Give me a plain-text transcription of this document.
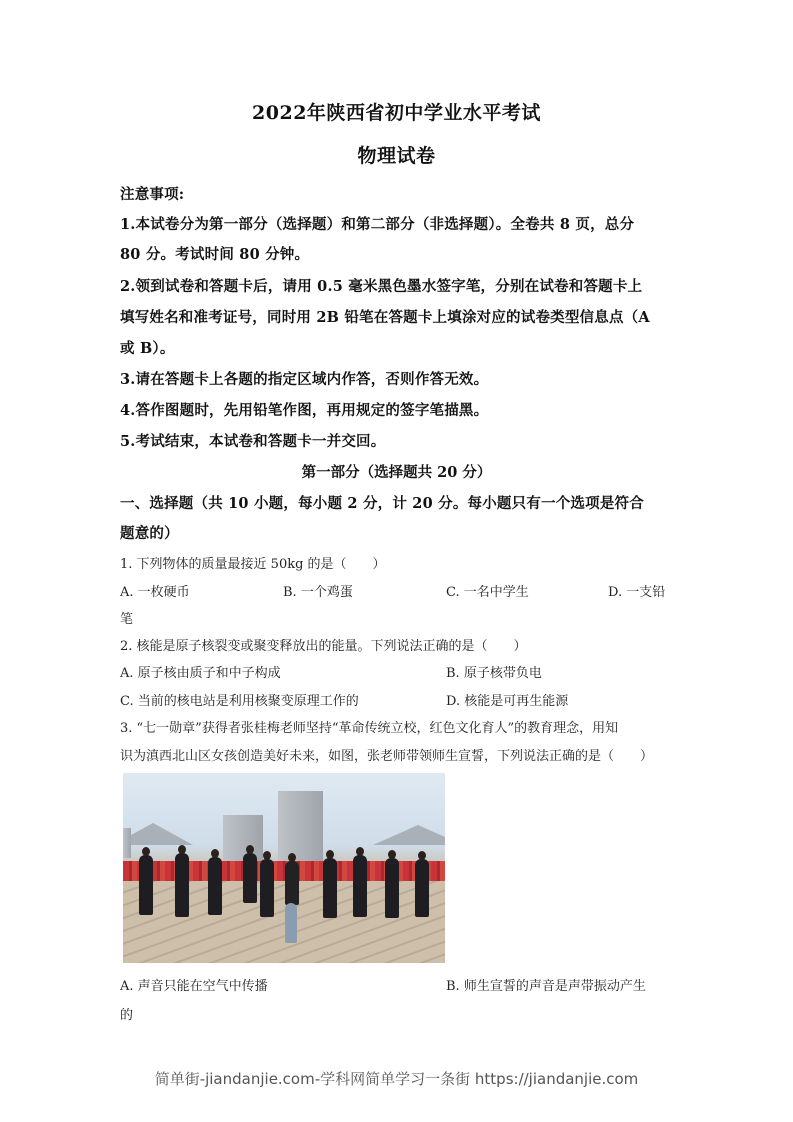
2022年陕西省初中学业水平考试
物理试卷
注意事项:
1.本试卷分为第一部分（选择题）和第二部分（非选择题）。全卷共 8 页，总分
80 分。考试时间 80 分钟。
2.领到试卷和答题卡后，请用 0.5 毫米黑色墨水签字笔，分别在试卷和答题卡上
填写姓名和准考证号，同时用 2B 铅笔在答题卡上填涂对应的试卷类型信息点（A
或 B）。
3.请在答题卡上各题的指定区域内作答，否则作答无效。
4.答作图题时，先用铅笔作图，再用规定的签字笔描黑。
5.考试结束，本试卷和答题卡一并交回。
第一部分（选择题共 20 分）
一、选择题（共 10 小题，每小题 2 分，计 20 分。每小题只有一个选项是符合
题意的）
1. 下列物体的质量最接近 50kg 的是（　　）
A. 一枚硬币	B. 一个鸡蛋	C. 一名中学生	D. 一支铅
笔
2. 核能是原子核裂变或聚变释放出的能量。下列说法正确的是（　　）
A. 原子核由质子和中子构成	B. 原子核带负电
C. 当前的核电站是利用核聚变原理工作的	D. 核能是可再生能源
3. “七一勋章”获得者张桂梅老师坚持“革命传统立校，红色文化育人”的教育理念，用知
识为滇西北山区女孩创造美好未来，如图，张老师带领师生宣誓，下列说法正确的是（　　）
A. 声音只能在空气中传播	B. 师生宣誓的声音是声带振动产生
的
简单街-jiandanjie.com-学科网简单学习一条街 https://jiandanjie.com
